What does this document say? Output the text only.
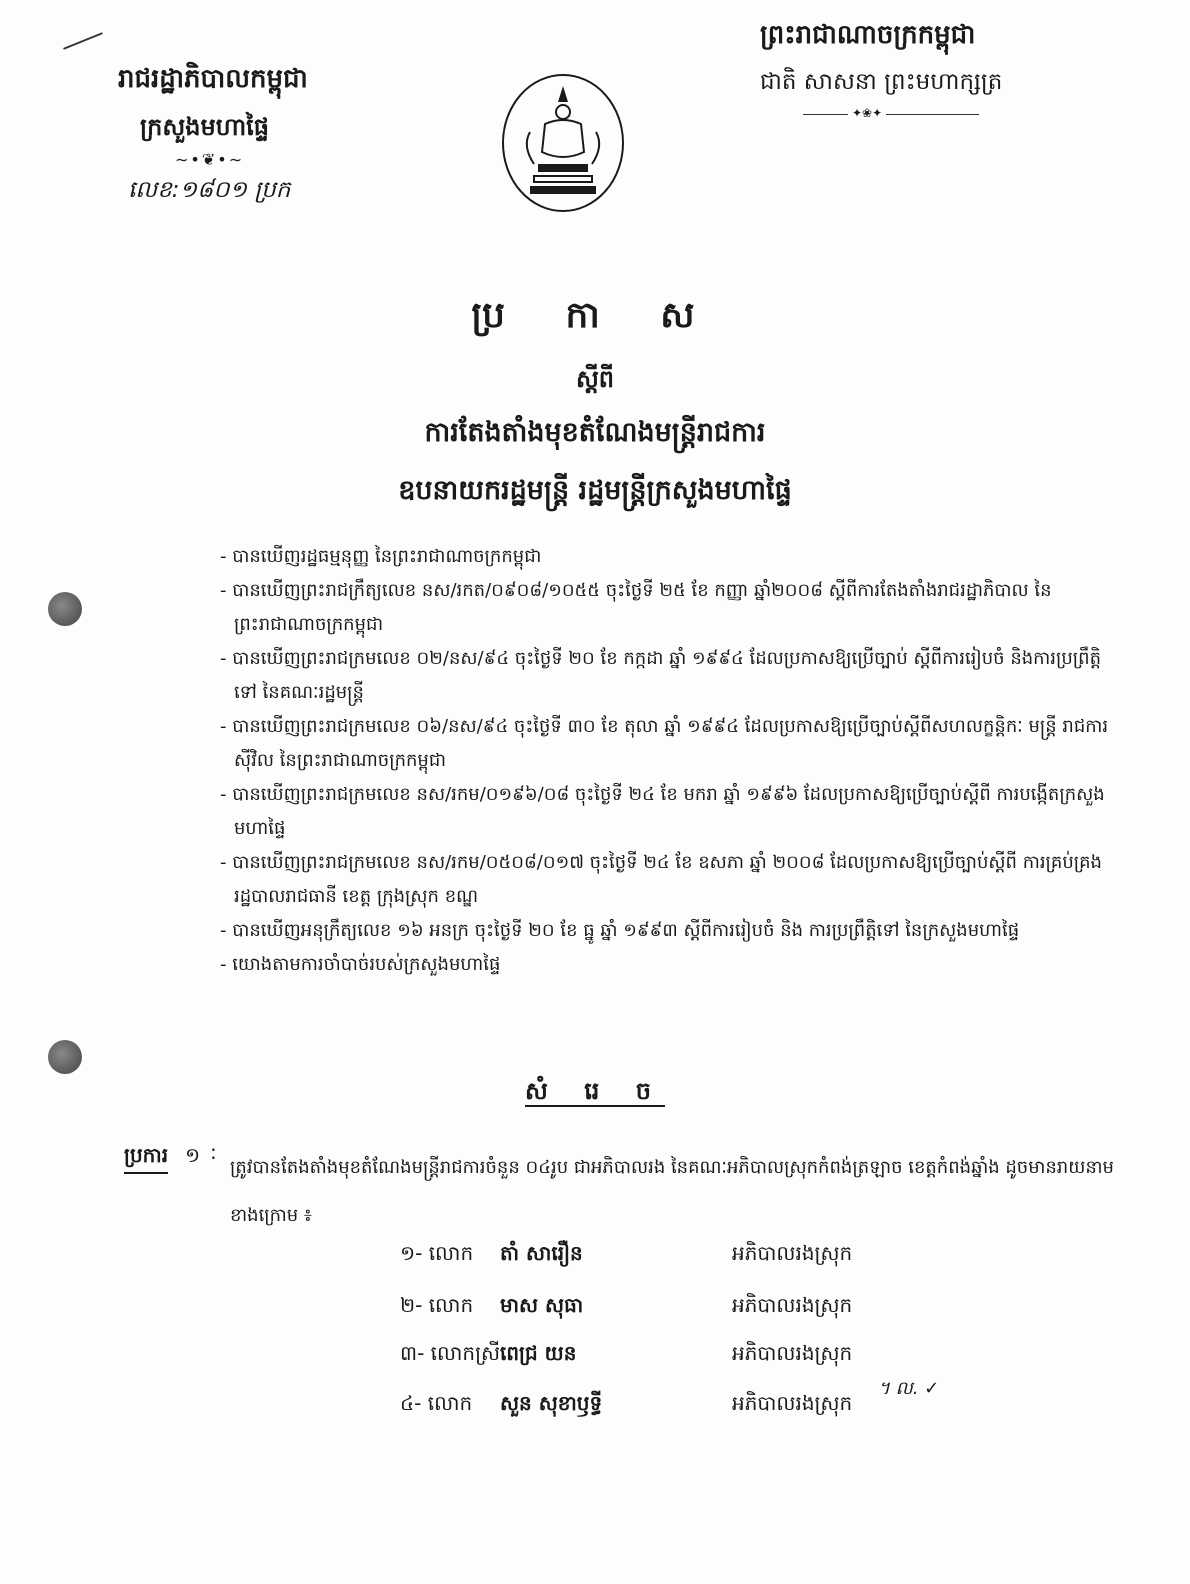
រាជរដ្ឋាភិបាលកម្ពុជា
ក្រសួងមហាផ្ទៃ
∼•❦•∼
លេខ:១៨០១ ប្រក
ព្រះរាជាណាចក្រកម្ពុជា
ជាតិ សាសនា ព្រះមហាក្សត្រ
✦❀✦
ប្រ កា ស
ស្តីពី
ការតែងតាំងមុខតំណែងមន្ត្រីរាជការ
ឧបនាយករដ្ឋមន្ត្រី រដ្ឋមន្ត្រីក្រសួងមហាផ្ទៃ

- បានឃើញរដ្ឋធម្មនុញ្ញ នៃព្រះរាជាណាចក្រកម្ពុជា

- បានឃើញព្រះរាជក្រឹត្យលេខ នស/រកត/០៩០៨/១០៥៥ ចុះថ្ងៃទី ២៥ ខែ កញ្ញា ឆ្នាំ២០០៨ ស្តីពីការតែងតាំងរាជរដ្ឋាភិបាល នៃព្រះរាជាណាចក្រកម្ពុជា

- បានឃើញព្រះរាជក្រមលេខ ០២/នស/៩៤ ចុះថ្ងៃទី ២០ ខែ កក្កដា ឆ្នាំ ១៩៩៤ ដែលប្រកាសឱ្យប្រើច្បាប់ ស្តីពីការរៀបចំ និងការប្រព្រឹត្តិទៅ នៃគណៈរដ្ឋមន្ត្រី

- បានឃើញព្រះរាជក្រមលេខ ០៦/នស/៩៤ ចុះថ្ងៃទី ៣០ ខែ តុលា ឆ្នាំ ១៩៩៤ ដែលប្រកាសឱ្យប្រើច្បាប់ស្តីពីសហលក្ខន្តិកៈ មន្ត្រី រាជការស៊ីវិល នៃព្រះរាជាណាចក្រកម្ពុជា

- បានឃើញព្រះរាជក្រមលេខ នស/រកម/០១៩៦/០៨ ចុះថ្ងៃទី ២៤ ខែ មករា ឆ្នាំ ១៩៩៦ ដែលប្រកាសឱ្យប្រើច្បាប់ស្តីពី ការបង្កើតក្រសួងមហាផ្ទៃ

- បានឃើញព្រះរាជក្រមលេខ នស/រកម/០៥០៨/០១៧ ចុះថ្ងៃទី ២៤ ខែ ឧសភា ឆ្នាំ ២០០៨ ដែលប្រកាសឱ្យប្រើច្បាប់ស្តីពី ការគ្រប់គ្រងរដ្ឋបាលរាជធានី ខេត្ត ក្រុងស្រុក ខណ្ឌ

- បានឃើញអនុក្រឹត្យលេខ ១៦ អនក្រ ចុះថ្ងៃទី ២០ ខែ ធ្នូ ឆ្នាំ ១៩៩៣ ស្តីពីការរៀបចំ និង ការប្រព្រឹត្តិទៅ នៃក្រសួងមហាផ្ទៃ

- យោងតាមការចាំបាច់របស់ក្រសួងមហាផ្ទៃ

សំ រេ ច
ប្រការ ១ :
ត្រូវបានតែងតាំងមុខតំណែងមន្ត្រីរាជការចំនួន ០៤រូប ជាអភិបាលរង នៃគណៈអភិបាលស្រុកកំពង់ត្រឡាច ខេត្តកំពង់ឆ្នាំង ដូចមានរាយនាមខាងក្រោម ៖
១- លោក តាំ សារឿន	អភិបាលរងស្រុក
២- លោក មាស សុធា	អភិបាលរងស្រុក
៣- លោកស្រី ពេជ្រ យន	អភិបាលរងស្រុក
៤- លោក សួន សុខាឫទ្ធី	អភិបាលរងស្រុក
។ ល. ✓
